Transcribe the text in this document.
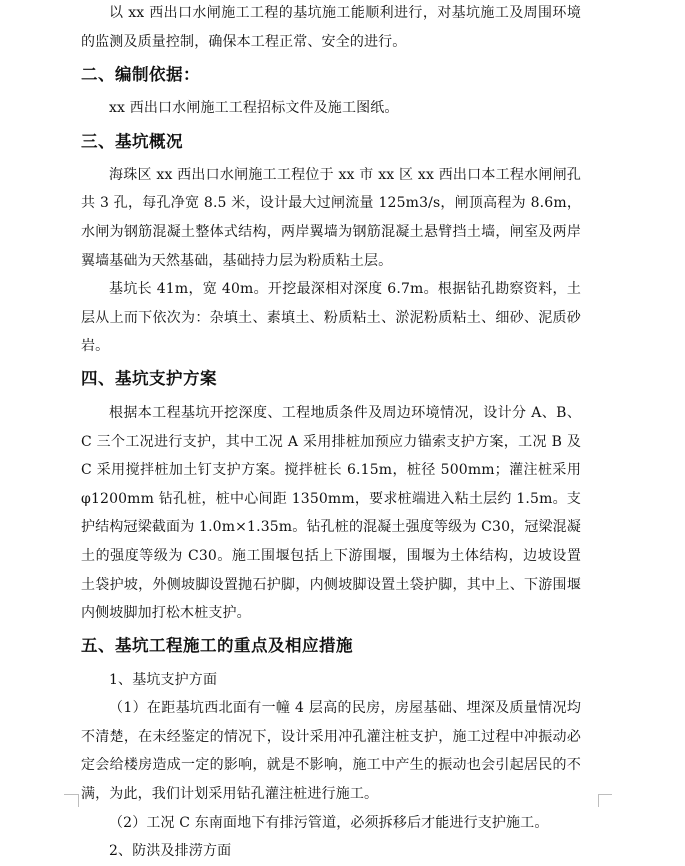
以 xx 西出口水闸施工工程的基坑施工能顺利进行，对基坑施工及周围环境的监测及质量控制，确保本工程正常、安全的进行。

二、编制依据：

xx 西出口水闸施工工程招标文件及施工图纸。

三、基坑概况

海珠区 xx 西出口水闸施工工程位于 xx 市 xx 区 xx 西出口本工程水闸闸孔共 3 孔，每孔净宽 8.5 米，设计最大过闸流量 125m3/s，闸顶高程为 8.6m，水闸为钢筋混凝土整体式结构，两岸翼墙为钢筋混凝土悬臂挡土墙，闸室及两岸翼墙基础为天然基础，基础持力层为粉质粘土层。

基坑长 41m，宽 40m。开挖最深相对深度 6.7m。根据钻孔勘察资料，土层从上而下依次为：杂填土、素填土、粉质粘土、淤泥粉质粘土、细砂、泥质砂岩。

四、基坑支护方案

根据本工程基坑开挖深度、工程地质条件及周边环境情况，设计分 A、B、C 三个工况进行支护，其中工况 A 采用排桩加预应力锚索支护方案，工况 B 及 C 采用搅拌桩加土钉支护方案。搅拌桩长 6.15m，桩径 500mm；灌注桩采用φ1200mm 钻孔桩，桩中心间距 1350mm，要求桩端进入粘土层约 1.5m。支护结构冠梁截面为 1.0m×1.35m。钻孔桩的混凝土强度等级为 C30，冠梁混凝土的强度等级为 C30。施工围堰包括上下游围堰，围堰为土体结构，边坡设置土袋护坡，外侧坡脚设置抛石护脚，内侧坡脚设置土袋护脚，其中上、下游围堰内侧坡脚加打松木桩支护。

五、基坑工程施工的重点及相应措施

1、基坑支护方面

（1）在距基坑西北面有一幢 4 层高的民房，房屋基础、埋深及质量情况均不清楚，在未经鉴定的情况下，设计采用冲孔灌注桩支护，施工过程中冲振动必定会给楼房造成一定的影响，就是不影响，施工中产生的振动也会引起居民的不满，为此，我们计划采用钻孔灌注桩进行施工。

（2）工况 C 东南面地下有排污管道，必须拆移后才能进行支护施工。

2、防洪及排涝方面
